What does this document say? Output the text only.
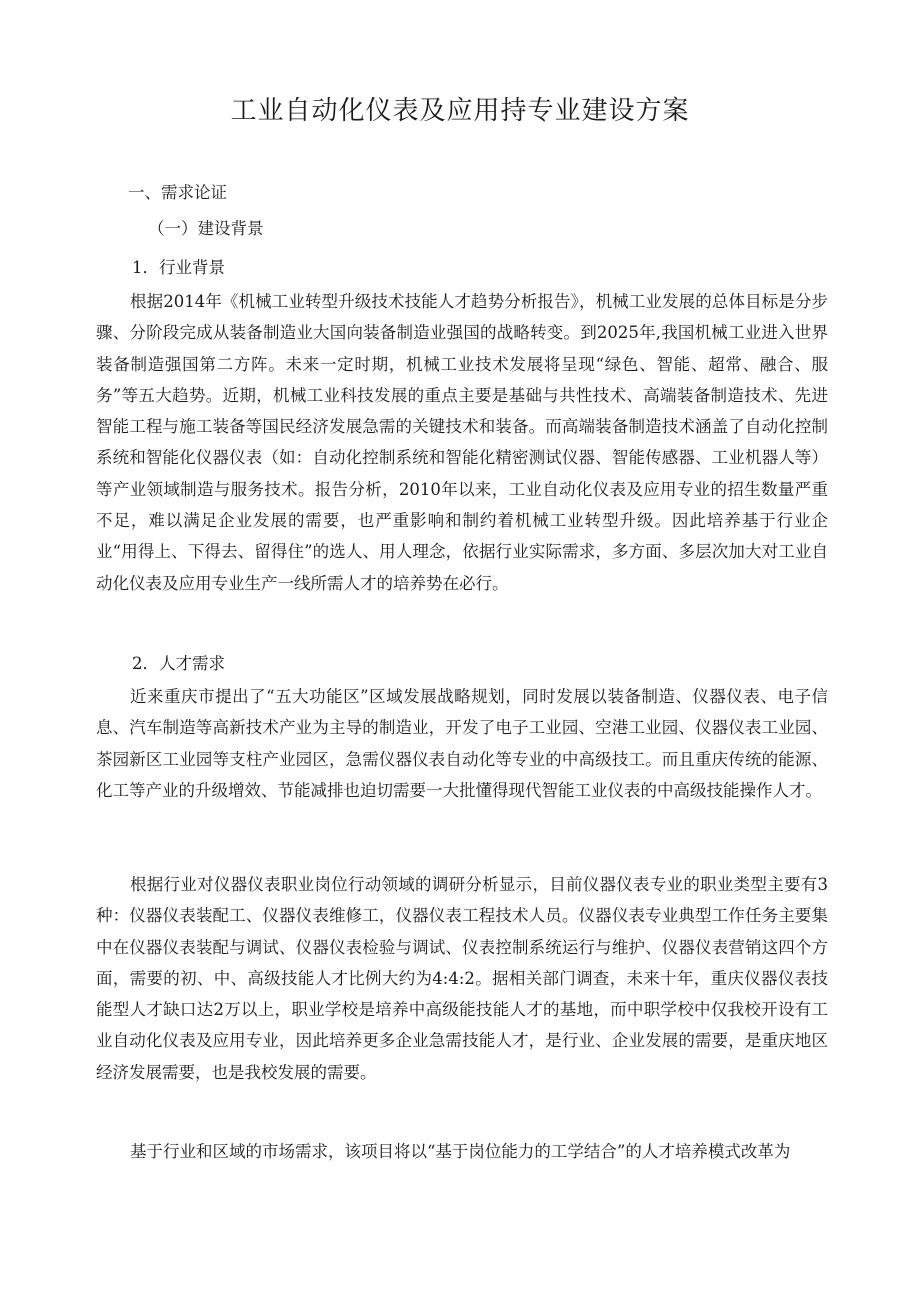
工业自动化仪表及应用持专业建设方案
一、需求论证
（一）建设背景
1．行业背景
根据2014年《机械工业转型升级技术技能人才趋势分析报告》，机械工业发展的总体目标是分步骤、分阶段完成从装备制造业大国向装备制造业强国的战略转变。到2025年,我国机械工业进入世界装备制造强国第二方阵。未来一定时期，机械工业技术发展将呈现“绿色、智能、超常、融合、服务”等五大趋势。近期，机械工业科技发展的重点主要是基础与共性技术、高端装备制造技术、先进智能工程与施工装备等国民经济发展急需的关键技术和装备。而高端装备制造技术涵盖了自动化控制系统和智能化仪器仪表（如：自动化控制系统和智能化精密测试仪器、智能传感器、工业机器人等）等产业领域制造与服务技术。报告分析，2010年以来，工业自动化仪表及应用专业的招生数量严重不足，难以满足企业发展的需要，也严重影响和制约着机械工业转型升级。因此培养基于行业企业“用得上、下得去、留得住”的选人、用人理念，依据行业实际需求，多方面、多层次加大对工业自动化仪表及应用专业生产一线所需人才的培养势在必行。
2．人才需求
近来重庆市提出了“五大功能区”区域发展战略规划，同时发展以装备制造、仪器仪表、电子信息、汽车制造等高新技术产业为主导的制造业，开发了电子工业园、空港工业园、仪器仪表工业园、茶园新区工业园等支柱产业园区，急需仪器仪表自动化等专业的中高级技工。而且重庆传统的能源、化工等产业的升级增效、节能减排也迫切需要一大批懂得现代智能工业仪表的中高级技能操作人才。
根据行业对仪器仪表职业岗位行动领域的调研分析显示，目前仪器仪表专业的职业类型主要有3种：仪器仪表装配工、仪器仪表维修工，仪器仪表工程技术人员。仪器仪表专业典型工作任务主要集中在仪器仪表装配与调试、仪器仪表检验与调试、仪表控制系统运行与维护、仪器仪表营销这四个方面，需要的初、中、高级技能人才比例大约为4:4:2。据相关部门调查，未来十年，重庆仪器仪表技能型人才缺口达2万以上，职业学校是培养中高级能技能人才的基地，而中职学校中仅我校开设有工业自动化仪表及应用专业，因此培养更多企业急需技能人才，是行业、企业发展的需要，是重庆地区经济发展需要，也是我校发展的需要。
基于行业和区域的市场需求，该项目将以“基于岗位能力的工学结合”的人才培养模式改革为
